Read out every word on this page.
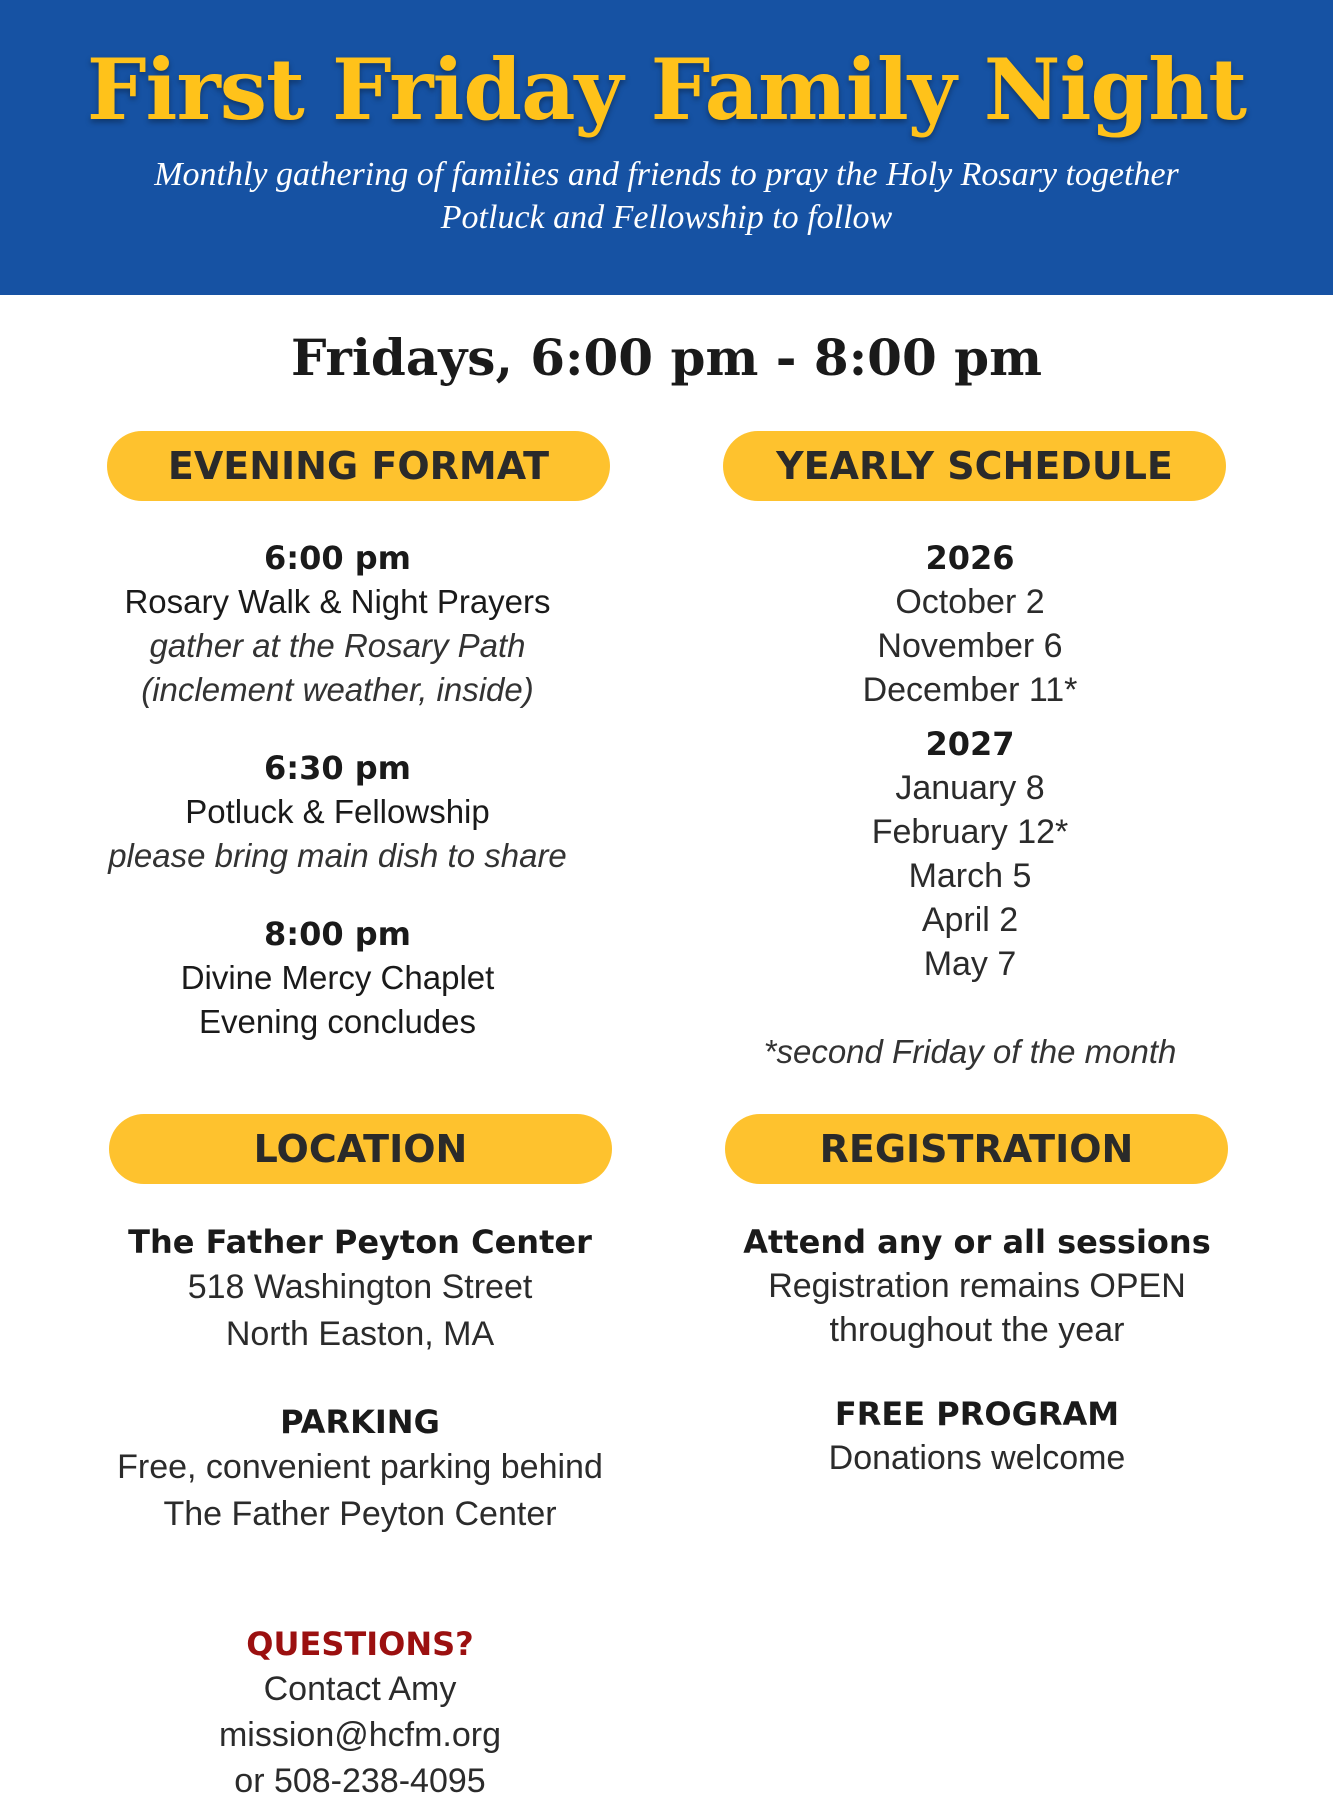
First Friday Family Night
Monthly gathering of families and friends to pray the Holy Rosary together
Potluck and Fellowship to follow
Fridays, 6:00 pm - 8:00 pm
EVENING FORMAT
6:00 pm
Rosary Walk & Night Prayers
gather at the Rosary Path
(inclement weather, inside)
6:30 pm
Potluck & Fellowship
please bring main dish to share
8:00 pm
Divine Mercy Chaplet
Evening concludes
YEARLY SCHEDULE
2026
October 2
November 6
December 11*
2027
January 8
February 12*
March 5
April 2
May 7
*second Friday of the month
LOCATION
The Father Peyton Center
518 Washington Street
North Easton, MA
PARKING
Free, convenient parking behind
The Father Peyton Center
REGISTRATION
Attend any or all sessions
Registration remains OPEN
throughout the year
FREE PROGRAM
Donations welcome
QUESTIONS?
Contact Amy
mission@hcfm.org
or 508-238-4095
